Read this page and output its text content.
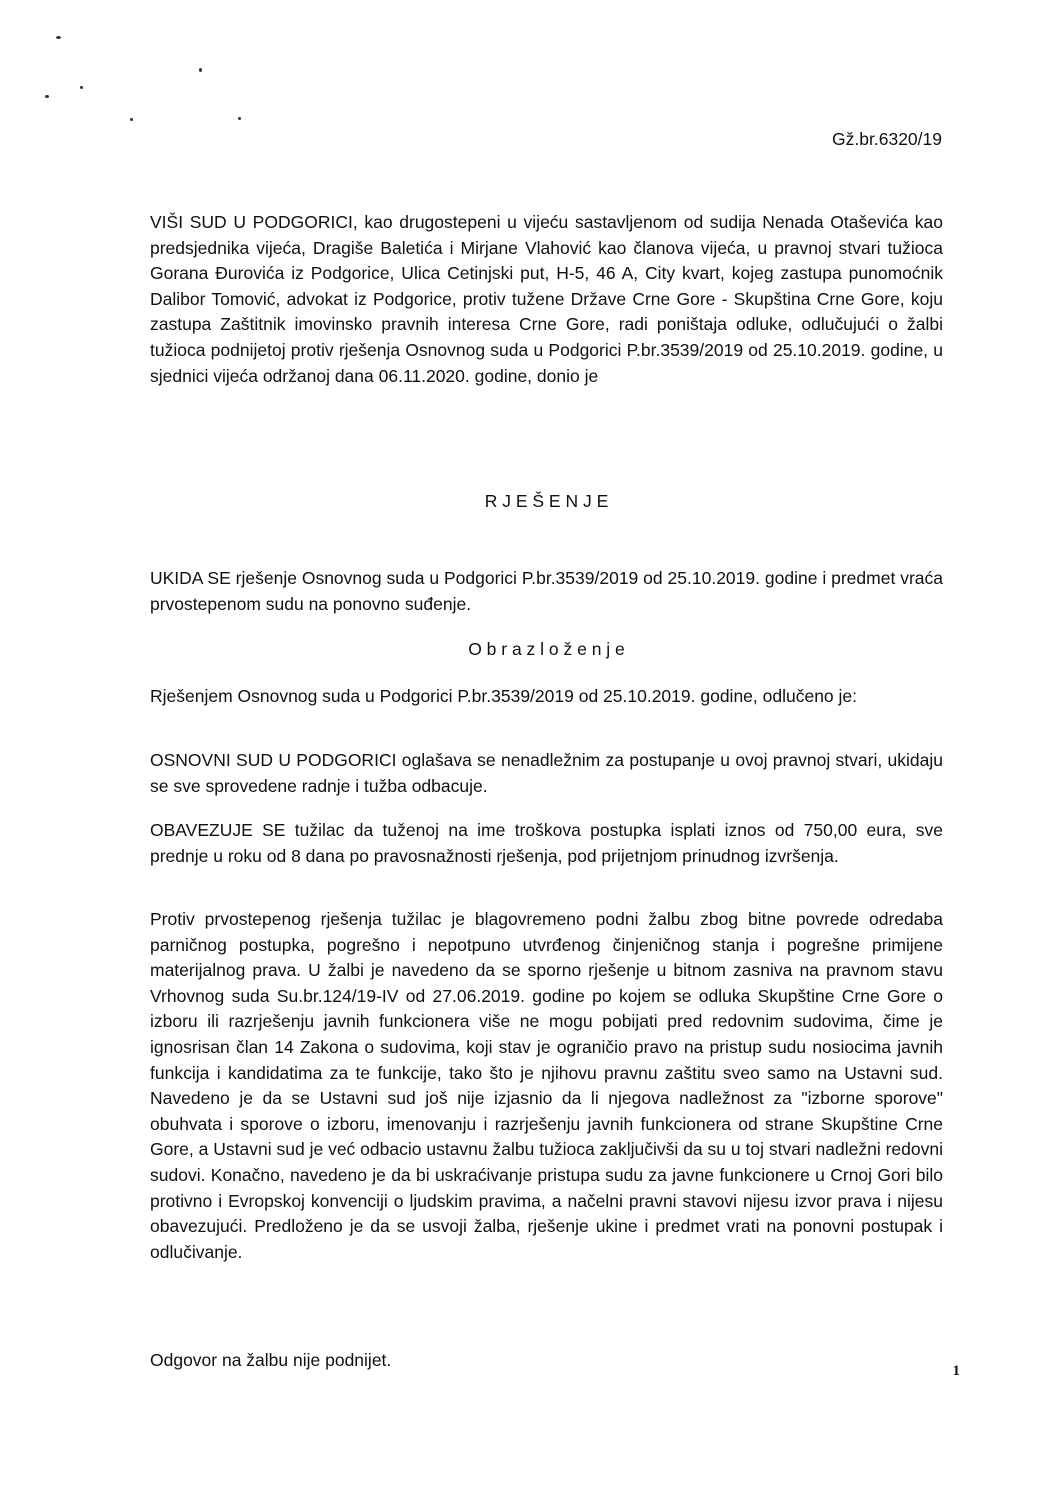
Gž.br.6320/19

VIŠI SUD U PODGORICI, kao drugostepeni u vijeću sastavljenom od sudija Nenada Otaševića kao predsjednika vijeća, Dragiše Baletića i Mirjane Vlahović kao članova vijeća, u pravnoj stvari tužioca Gorana Đurovića iz Podgorice, Ulica Cetinjski put, H-5, 46 A, City kvart, kojeg zastupa punomoćnik Dalibor Tomović, advokat iz Podgorice, protiv tužene Države Crne Gore - Skupština Crne Gore, koju zastupa Zaštitnik imovinsko pravnih interesa Crne Gore, radi poništaja odluke, odlučujući o žalbi tužioca podnijetoj protiv rješenja Osnovnog suda u Podgorici P.br.3539/2019 od 25.10.2019. godine, u sjednici vijeća održanoj dana 06.11.2020. godine, donio je

R J E Š E N J E

UKIDA SE rješenje Osnovnog suda u Podgorici P.br.3539/2019 od 25.10.2019. godine i predmet vraća prvostepenom sudu na ponovno suđenje.

O b r a z l o ž e n j e

Rješenjem Osnovnog suda u Podgorici P.br.3539/2019 od 25.10.2019. godine, odlučeno je:

OSNOVNI SUD U PODGORICI oglašava se nenadležnim za postupanje u ovoj pravnoj stvari, ukidaju se sve sprovedene radnje i tužba odbacuje.

OBAVEZUJE SE tužilac da tuženoj na ime troškova postupka isplati iznos od 750,00 eura, sve prednje u roku od 8 dana po pravosnažnosti rješenja, pod prijetnjom prinudnog izvršenja.

Protiv prvostepenog rješenja tužilac je blagovremeno podni žalbu zbog bitne povrede odredaba parničnog postupka, pogrešno i nepotpuno utvrđenog činjeničnog stanja i pogrešne primijene materijalnog prava. U žalbi je navedeno da se sporno rješenje u bitnom zasniva na pravnom stavu Vrhovnog suda Su.br.124/19-IV od 27.06.2019. godine po kojem se odluka Skupštine Crne Gore o izboru ili razrješenju javnih funkcionera više ne mogu pobijati pred redovnim sudovima, čime je ignosrisan član 14 Zakona o sudovima, koji stav je ograničio pravo na pristup sudu nosiocima javnih funkcija i kandidatima za te funkcije, tako što je njihovu pravnu zaštitu sveo samo na Ustavni sud. Navedeno je da se Ustavni sud još nije izjasnio da li njegova nadležnost za "izborne sporove" obuhvata i sporove o izboru, imenovanju i razrješenju javnih funkcionera od strane Skupštine Crne Gore, a Ustavni sud je već odbacio ustavnu žalbu tužioca zaključivši da su u toj stvari nadležni redovni sudovi. Konačno, navedeno je da bi uskraćivanje pristupa sudu za javne funkcionere u Crnoj Gori bilo protivno i Evropskoj konvenciji o ljudskim pravima, a načelni pravni stavovi nijesu izvor prava i nijesu obavezujući. Predloženo je da se usvoji žalba, rješenje ukine i predmet vrati na ponovni postupak i odlučivanje.

Odgovor na žalbu nije podnijet.

1
